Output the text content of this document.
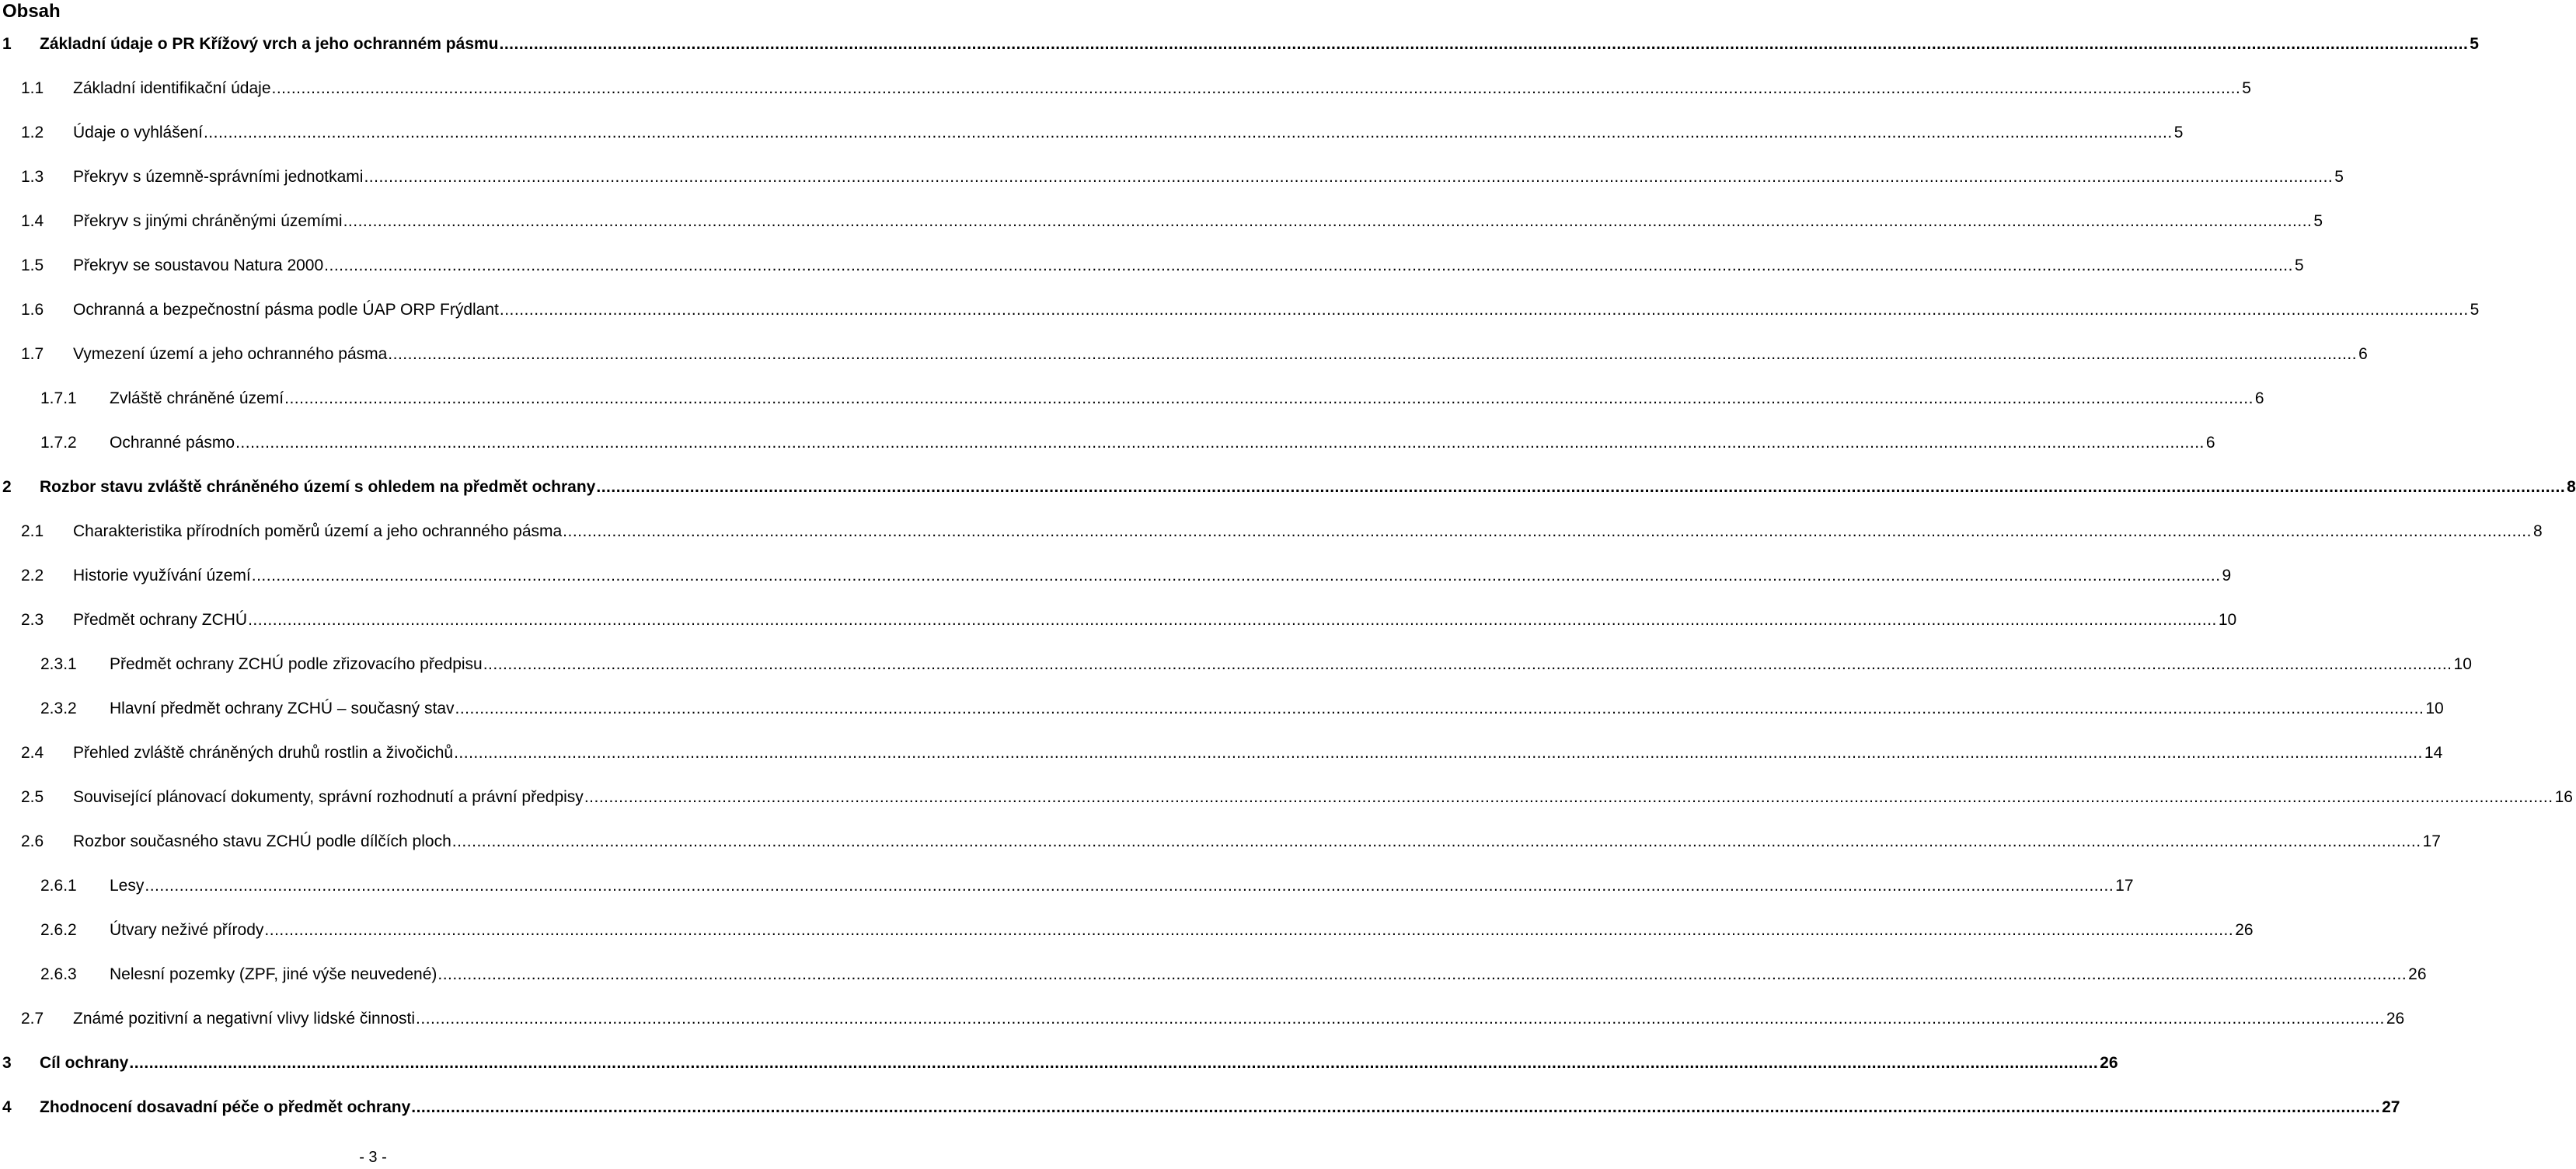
Obsah
1 Základní údaje o PR Křížový vrch a jeho ochranném pásmu ................................................................................................................................................................................................................................................................................................................................................................................................................ 5
1.1 Základní identifikační údaje ................................................................................................................................................................................................................................................................................................................................................................................................................ 5
1.2 Údaje o vyhlášení ................................................................................................................................................................................................................................................................................................................................................................................................................ 5
1.3 Překryv s územně-správními jednotkami ................................................................................................................................................................................................................................................................................................................................................................................................................ 5
1.4 Překryv s jinými chráněnými územími ................................................................................................................................................................................................................................................................................................................................................................................................................ 5
1.5 Překryv se soustavou Natura 2000 ................................................................................................................................................................................................................................................................................................................................................................................................................ 5
1.6 Ochranná a bezpečnostní pásma podle ÚAP ORP Frýdlant ................................................................................................................................................................................................................................................................................................................................................................................................................ 5
1.7 Vymezení území a jeho ochranného pásma ................................................................................................................................................................................................................................................................................................................................................................................................................ 6
1.7.1 Zvláště chráněné území ................................................................................................................................................................................................................................................................................................................................................................................................................ 6
1.7.2 Ochranné pásmo ................................................................................................................................................................................................................................................................................................................................................................................................................ 6
2 Rozbor stavu zvláště chráněného území s ohledem na předmět ochrany ................................................................................................................................................................................................................................................................................................................................................................................................................ 8
2.1 Charakteristika přírodních poměrů území a jeho ochranného pásma ................................................................................................................................................................................................................................................................................................................................................................................................................ 8
2.2 Historie využívání území ................................................................................................................................................................................................................................................................................................................................................................................................................ 9
2.3 Předmět ochrany ZCHÚ ................................................................................................................................................................................................................................................................................................................................................................................................................ 10
2.3.1 Předmět ochrany ZCHÚ podle zřizovacího předpisu ................................................................................................................................................................................................................................................................................................................................................................................................................ 10
2.3.2 Hlavní předmět ochrany ZCHÚ – současný stav ................................................................................................................................................................................................................................................................................................................................................................................................................ 10
2.4 Přehled zvláště chráněných druhů rostlin a živočichů ................................................................................................................................................................................................................................................................................................................................................................................................................ 14
2.5 Související plánovací dokumenty, správní rozhodnutí a právní předpisy ................................................................................................................................................................................................................................................................................................................................................................................................................ 16
2.6 Rozbor současného stavu ZCHÚ podle dílčích ploch ................................................................................................................................................................................................................................................................................................................................................................................................................ 17
2.6.1 Lesy ................................................................................................................................................................................................................................................................................................................................................................................................................ 17
2.6.2 Útvary neživé přírody ................................................................................................................................................................................................................................................................................................................................................................................................................ 26
2.6.3 Nelesní pozemky (ZPF, jiné výše neuvedené) ................................................................................................................................................................................................................................................................................................................................................................................................................ 26
2.7 Známé pozitivní a negativní vlivy lidské činnosti ................................................................................................................................................................................................................................................................................................................................................................................................................ 26
3 Cíl ochrany ................................................................................................................................................................................................................................................................................................................................................................................................................ 26
4 Zhodnocení dosavadní péče o předmět ochrany ................................................................................................................................................................................................................................................................................................................................................................................................................ 27
- 3 -
